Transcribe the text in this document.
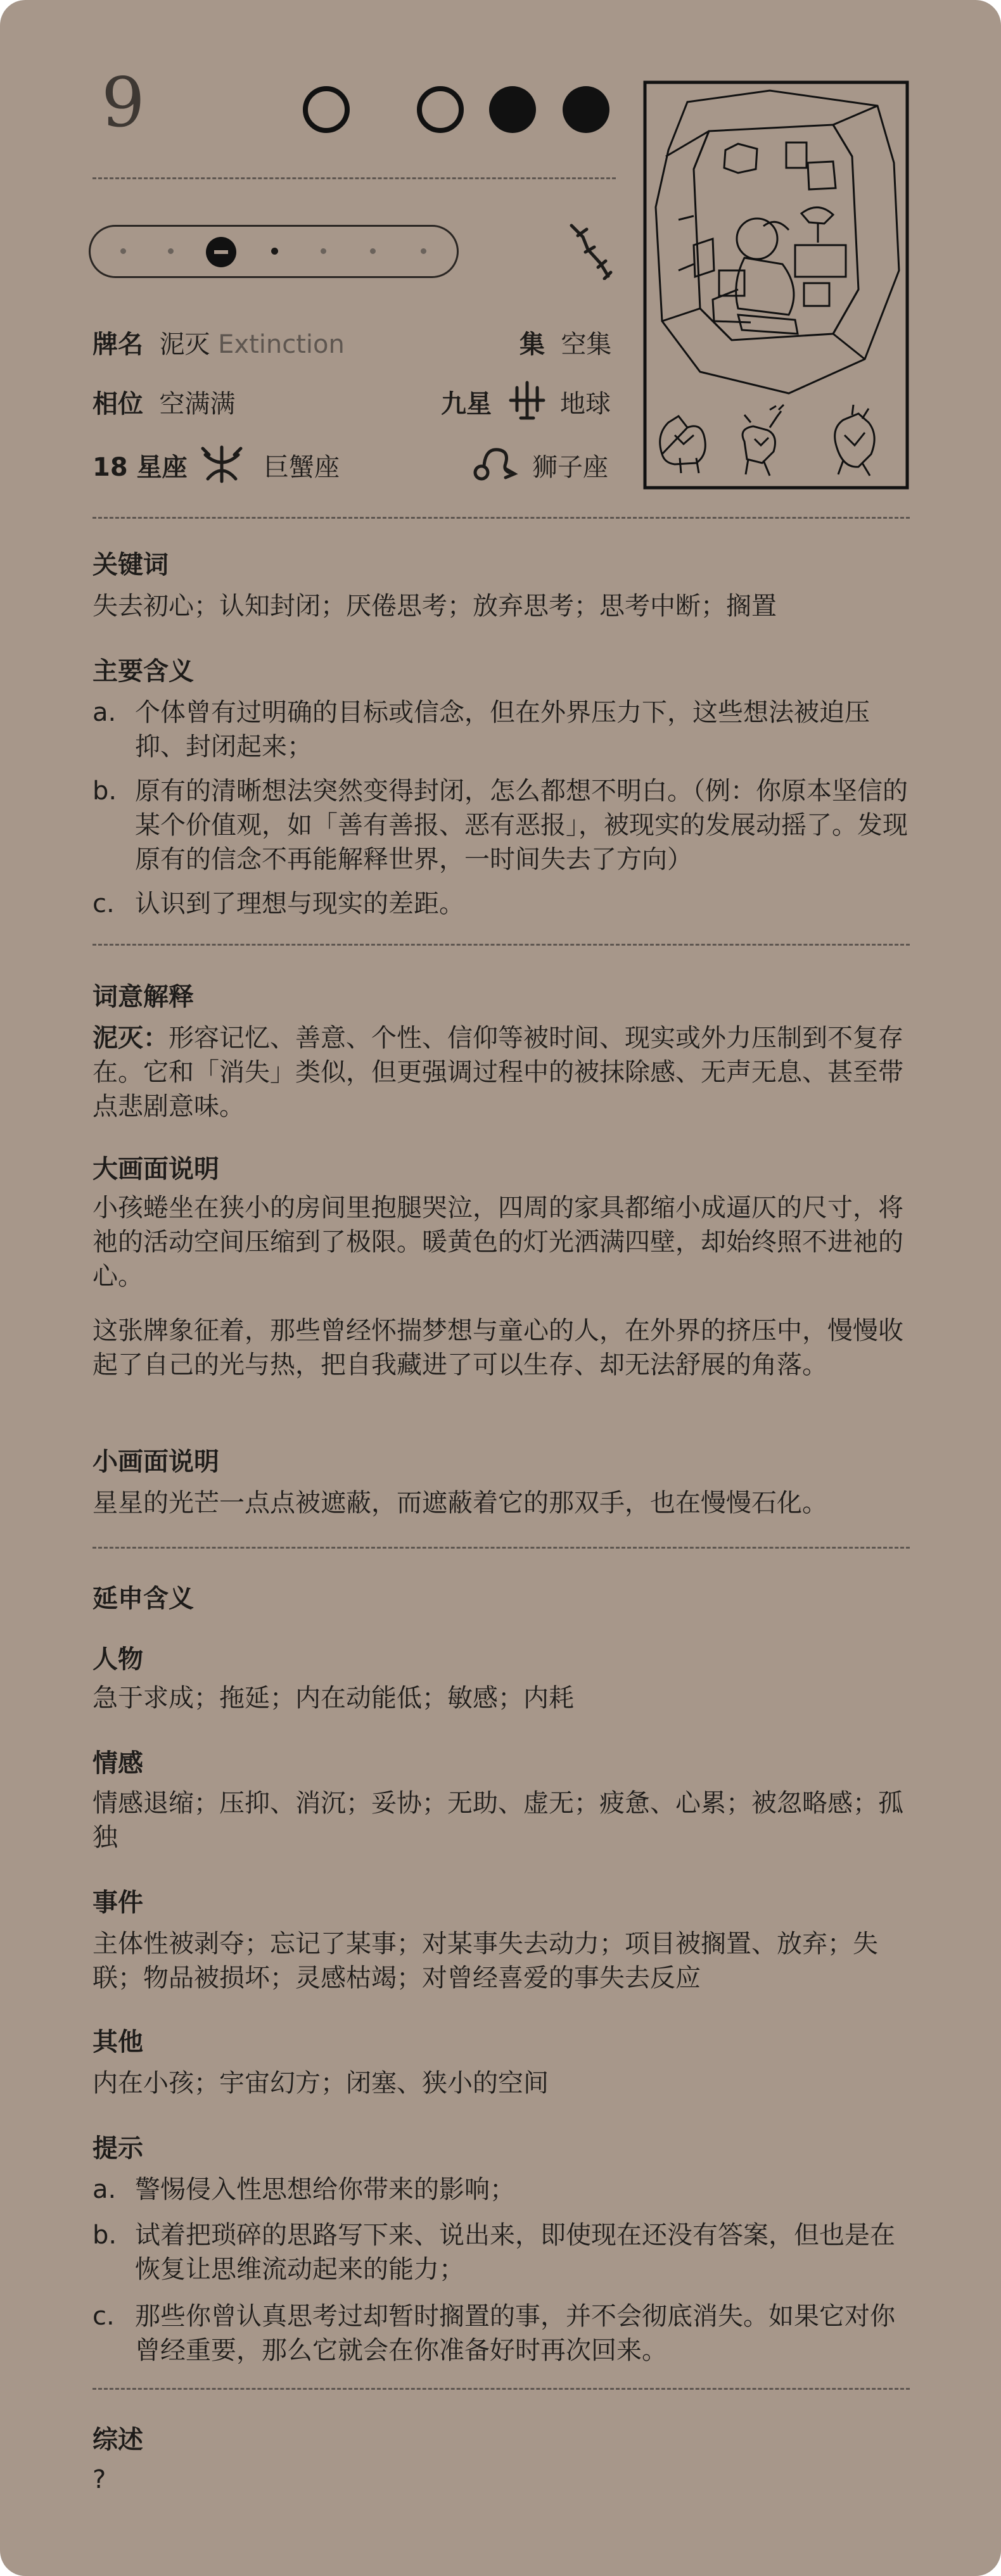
9
牌名 泥灭 Extinction	集 空集
相位 空满满	九星	地球
18 星座	巨蟹座	狮子座
关键词
失去初心；认知封闭；厌倦思考；放弃思考；思考中断；搁置
主要含义
a. 个体曾有过明确的目标或信念，但在外界压力下，这些想法被迫压抑、封闭起来；
b. 原有的清晰想法突然变得封闭，怎么都想不明白。（例：你原本坚信的某个价值观，如「善有善报、恶有恶报」，被现实的发展动摇了。发现原有的信念不再能解释世界，一时间失去了方向）
c. 认识到了理想与现实的差距。
词意解释
泥灭：形容记忆、善意、个性、信仰等被时间、现实或外力压制到不复存在。它和「消失」类似，但更强调过程中的被抹除感、无声无息、甚至带点悲剧意味。
大画面说明
小孩蜷坐在狭小的房间里抱腿哭泣，四周的家具都缩小成逼仄的尺寸，将祂的活动空间压缩到了极限。暖黄色的灯光洒满四壁，却始终照不进祂的心。
这张牌象征着，那些曾经怀揣梦想与童心的人，在外界的挤压中，慢慢收起了自己的光与热，把自我藏进了可以生存、却无法舒展的角落。
小画面说明
星星的光芒一点点被遮蔽，而遮蔽着它的那双手，也在慢慢石化。
延申含义
人物
急于求成；拖延；内在动能低；敏感；内耗
情感
情感退缩；压抑、消沉；妥协；无助、虚无；疲惫、心累；被忽略感；孤独
事件
主体性被剥夺；忘记了某事；对某事失去动力；项目被搁置、放弃；失联；物品被损坏；灵感枯竭；对曾经喜爱的事失去反应
其他
内在小孩；宇宙幻方；闭塞、狭小的空间
提示
a. 警惕侵入性思想给你带来的影响；
b. 试着把琐碎的思路写下来、说出来，即使现在还没有答案，但也是在恢复让思维流动起来的能力；
c. 那些你曾认真思考过却暂时搁置的事，并不会彻底消失。如果它对你曾经重要，那么它就会在你准备好时再次回来。
综述
?
